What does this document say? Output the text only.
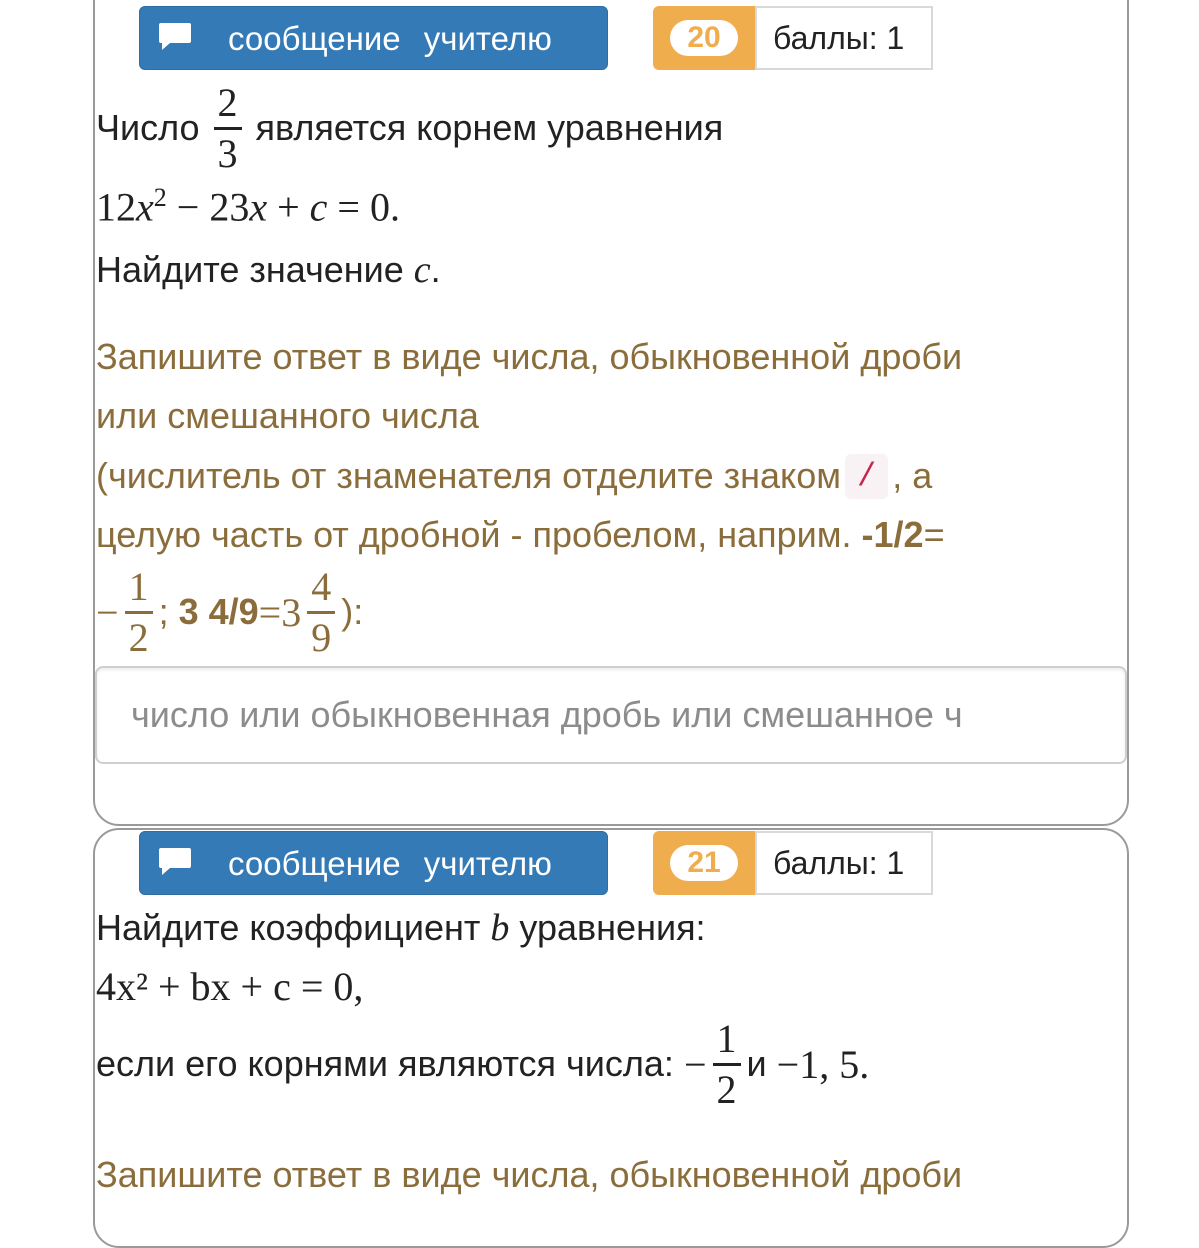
сообщение учителю	20	баллы: 1
Число $\frac{2}{3}$ является корнем уравнения
$12x^2 - 23x + c = 0$.
Найдите значение c.
Запишите ответ в виде числа, обыкновенной дроби
или смешанного числа
(числитель от знаменателя отделите знаком / , а
целую часть от дробной - пробелом, наприм. -1/2=
− $\frac{1}{2}$ ;
3 $4/9 =3 \frac{4}{9}$ ):
число или обыкновенная дробь или смешанное ч
сообщение учителю	21	баллы: 1
Найдите коэффициент b уравнения:
4x² + bx + c = 0,
если его корнями являются числа:
− $\frac{1}{2}$ и
−1, 5.
Запишите ответ в виде числа, обыкновенной дроби
